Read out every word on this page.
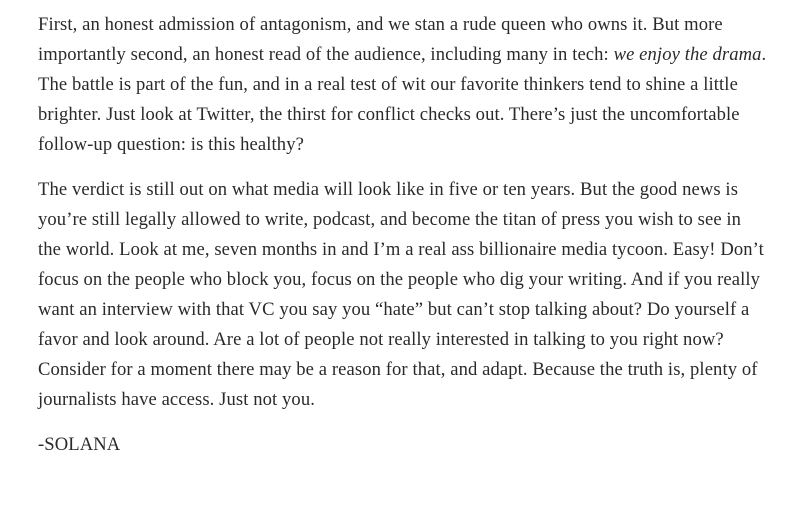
First, an honest admission of antagonism, and we stan a rude queen who owns it. But more importantly second, an honest read of the audience, including many in tech: we enjoy the drama. The battle is part of the fun, and in a real test of wit our favorite thinkers tend to shine a little brighter. Just look at Twitter, the thirst for conflict checks out. There’s just the uncomfortable follow-up question: is this healthy?

The verdict is still out on what media will look like in five or ten years. But the good news is you’re still legally allowed to write, podcast, and become the titan of press you wish to see in the world. Look at me, seven months in and I’m a real ass billionaire media tycoon. Easy! Don’t focus on the people who block you, focus on the people who dig your writing. And if you really want an interview with that VC you say you “hate” but can’t stop talking about? Do yourself a favor and look around. Are a lot of people not really interested in talking to you right now? Consider for a moment there may be a reason for that, and adapt. Because the truth is, plenty of journalists have access. Just not you.

-SOLANA
